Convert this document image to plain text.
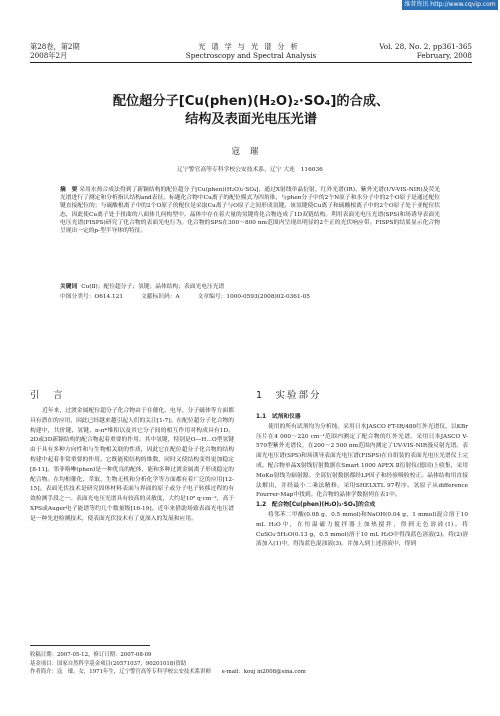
维普资讯 http://www.cqvip.com
第28卷，第2期
2008年2月
光谱学与光谱分析
Spectroscopy and Spectral Analysis
Vol. 28, No. 2, pp361-365
February, 2008
配位超分子[Cu(phen)(H₂O)₂·SO₄]的合成、
结构及表面光电压光谱
寇璀
辽宁警官高等专科学校公安技术系，辽宁 大连　116036
摘　要 采用水热合成法得到了新颖结构的配位超分子[Cu(phen)(H₂O)₂·SO₄]，通过X射线单晶衍射、红外光谱(IR)、紫外光谱(UV-VIS-NIR)及荧光光谱进行了测定和分析指认结构and表征。标题化合物中Cu离子的配位模式为四角锥，与phen分子中的2个N原子和水分子中的2个O原子是通过配位键直接配位的；与硫酸根离子中的2个O原子的配位是采取Cu离子与O原子之间形成氢键。该氢键使Cu离子和硫酸根离子中的2个O原子处于亚配位状态，因此使Cu离子处于扭曲的八面体几何构型中。晶体中存在着大量的氢键将化合物连成了1D双链结构。利用表面光电压光谱(SPS)和场诱导表面光电压光谱(FISPS)研究了化合物的表面光电行为。化合物的SPS在300～800 nm范围内呈现出明显的2个正的光伏响应带。FISPS的结果显示化合物呈现出一定的p-型半导体的特征。
关键词 Cu(Ⅱ)；配位超分子；氢键；晶体结构；表面光电压光谱
中图分类号：O614.121	文献标识码：A	文章编号：1000-0593(2008)02-0361-05
引　言	1　实验部分

近年来，过渡金属配位超分子化合物由于在催化、电导、分子磁体等方面都具有潜在的应用，因此已经越来越引起人们的关注[1-7]。在配位超分子化合物的构建中，共价键、氢键、π-π*堆积以及其它分子间的相互作用对构成具有1D、2D或3D新颖结构的配合物起着重要的作用。其中氢键，特别是O—H…O型氢键由于具有多种方向性和与生物相关联的性质，因此它在配位超分子化合物的结构构建中起着非常重要的作用。它既能使结构的维数，同时又使结构变得更加稳定[8-11]。邻菲咯啉(phen)是一种优良的配体，能和多种过渡金属离子形成稳定的配合物。在均相催化、萃取、生物无机和分析化学等方面都有着广泛的应用[12-15]。表面光伏技术是研究固体材料表面与界面的原子或分子电子转移过程的有效检测手段之一。表面光电压光谱具有较高的灵敏度，大约是10⁸ q·cm⁻²，高于XPS或Auger电子能谱等约几个数量级[16-19]。近年来借助场致表面光电压谱是一种先进检测技术，使表面光伏技术有了更深入的发展和应用。

1.1　试剂和仪器

使用的所有试剂均为分析纯。采用日本JASCO FT-IR/480红外光谱仪，以KBr压片在4 000～220 cm⁻¹范围内测定了配合物的红外光谱。采用日本JASCO V-570型紫外光谱仪，在200～2 500 nm范围内测定了UV-VIS-NIR漫反射光谱。表面光电压谱(SPS)和场诱导表面光电压谱(FISPS)在自组装的表面光电压光谱仪上完成。配合物单晶X射线衍射数据在Smart 1000 APEX Ⅱ衍射仪(德国)上收集，采用MoKα射线为辐射源。全部衍射数据都经LP因子和经验吸收校正。晶体结构用直接法解出，并经最小二乘法精修。采用SHELXTL 97程序。氢原子从difference Fourrer-Map中找到。化合物的晶体学数据列在表1中。

1.2　配合物[Cu(phen)(H₂O)₂·SO₄]的合成

将邻苯二甲酸(0.08 g，0.5 mmol)和NaOH(0.04 g，1 mmol)混合溶于10 mL H₂O中，在恒温磁力搅拌器上加热搅拌，得到无色溶液(1)。将CuSO₄·5H₂O(0.13 g，0.5 mmol)溶于10 mL H₂O中得浅蓝色溶液(2)。将(2)溶液加入(1)中，得浅蓝色混浊液(3)。并加入到上述溶液中，得到

收稿日期：2007-05-12，修订日期：2007-08-09
基金项目：国家自然科学基金项目(20571037，90201018)资助
作者简介：寇　璀，女，1971年生，辽宁警官高等专科学校公安技术系讲师　　e-mail：kouj in2008@sina.com
